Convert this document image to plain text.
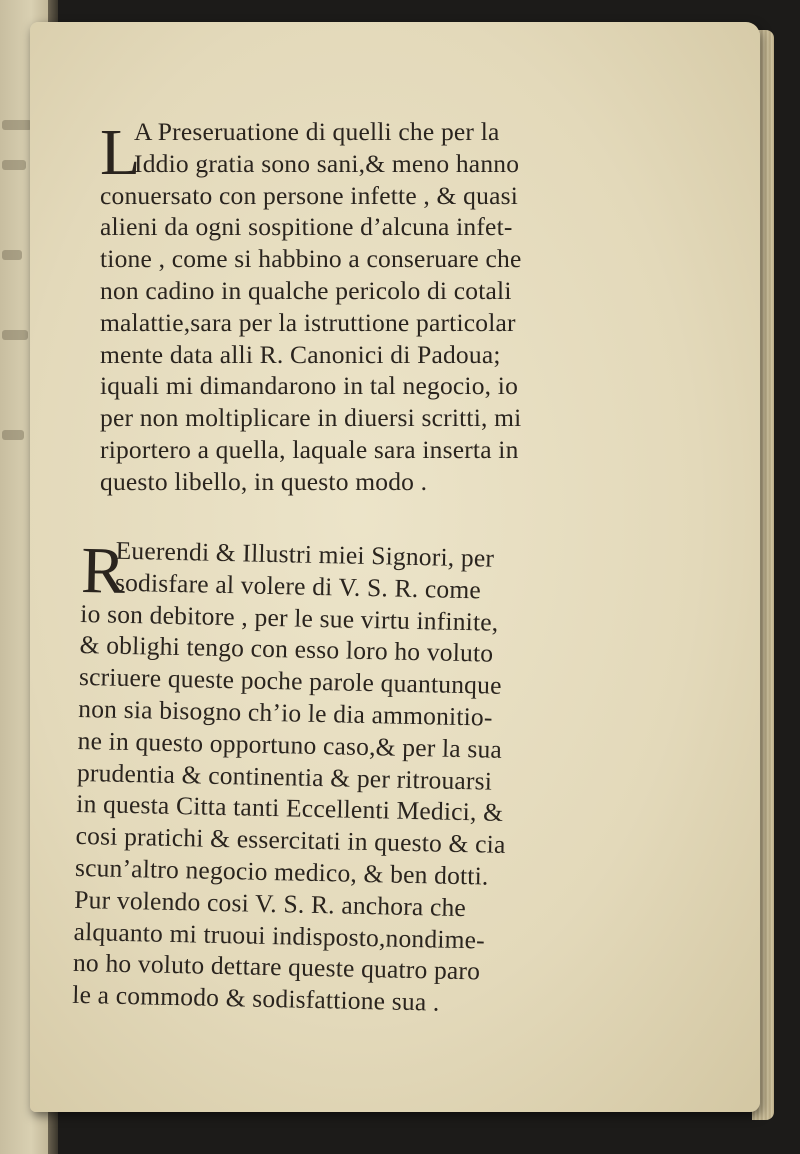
L
A Preseruatione di quelli che per la
Iddio gratia sono sani,& meno hanno
conuersato con persone infette , & quasi
alieni da ogni sospitione d’alcuna infet-
tione , come si habbino a conseruare che
non cadino in qualche pericolo di cotali
malattie,sara per la istruttione particolar
mente data alli R. Canonici di Padoua;
iquali mi dimandarono in tal negocio, io
per non moltiplicare in diuersi scritti, mi
riportero a quella, laquale sara inserta in
questo libello, in questo modo .
R
Euerendi & Illustri miei Signori, per
sodisfare al volere di V. S. R. come
io son debitore , per le sue virtu infinite,
& oblighi tengo con esso loro ho voluto
scriuere queste poche parole quantunque
non sia bisogno ch’io le dia ammonitio-
ne in questo opportuno caso,& per la sua
prudentia & continentia & per ritrouarsi
in questa Citta tanti Eccellenti Medici, &
cosi pratichi & essercitati in questo & cia
scun’altro negocio medico, & ben dotti.
Pur volendo cosi V. S. R. anchora che
alquanto mi truoui indisposto,nondime-
no ho voluto dettare queste quatro paro
le a commodo & sodisfattione sua .
